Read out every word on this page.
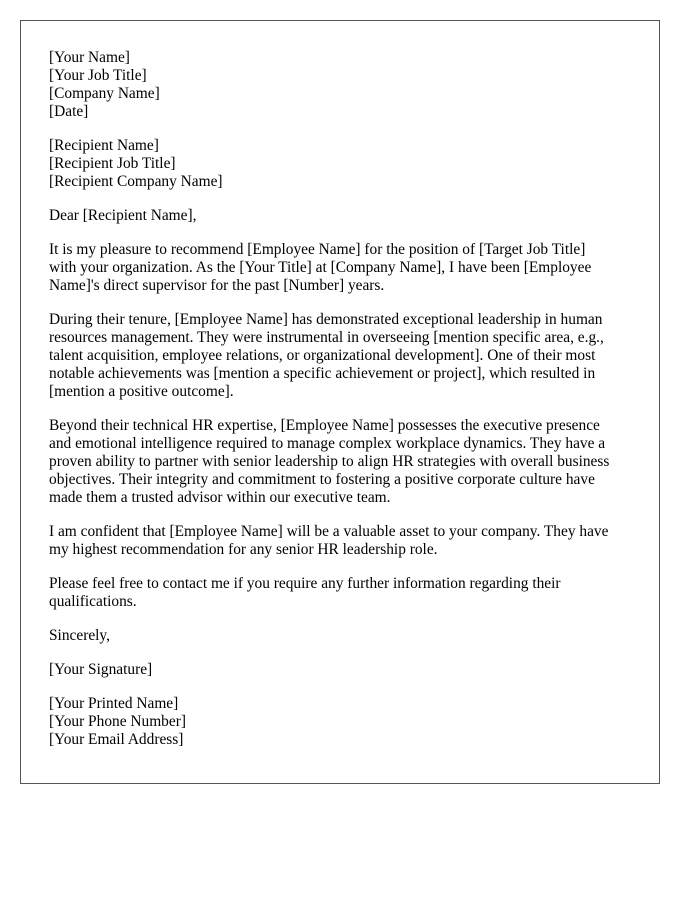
[Your Name]
[Your Job Title]
[Company Name]
[Date]
[Recipient Name]
[Recipient Job Title]
[Recipient Company Name]

Dear [Recipient Name],

It is my pleasure to recommend [Employee Name] for the position of [Target Job Title]
with your organization. As the [Your Title] at [Company Name], I have been [Employee
Name]'s direct supervisor for the past [Number] years.

During their tenure, [Employee Name] has demonstrated exceptional leadership in human
resources management. They were instrumental in overseeing [mention specific area, e.g.,
talent acquisition, employee relations, or organizational development]. One of their most
notable achievements was [mention a specific achievement or project], which resulted in
[mention a positive outcome].

Beyond their technical HR expertise, [Employee Name] possesses the executive presence
and emotional intelligence required to manage complex workplace dynamics. They have a
proven ability to partner with senior leadership to align HR strategies with overall business
objectives. Their integrity and commitment to fostering a positive corporate culture have
made them a trusted advisor within our executive team.

I am confident that [Employee Name] will be a valuable asset to your company. They have
my highest recommendation for any senior HR leadership role.

Please feel free to contact me if you require any further information regarding their
qualifications.

Sincerely,

[Your Signature]

[Your Printed Name]
[Your Phone Number]
[Your Email Address]
